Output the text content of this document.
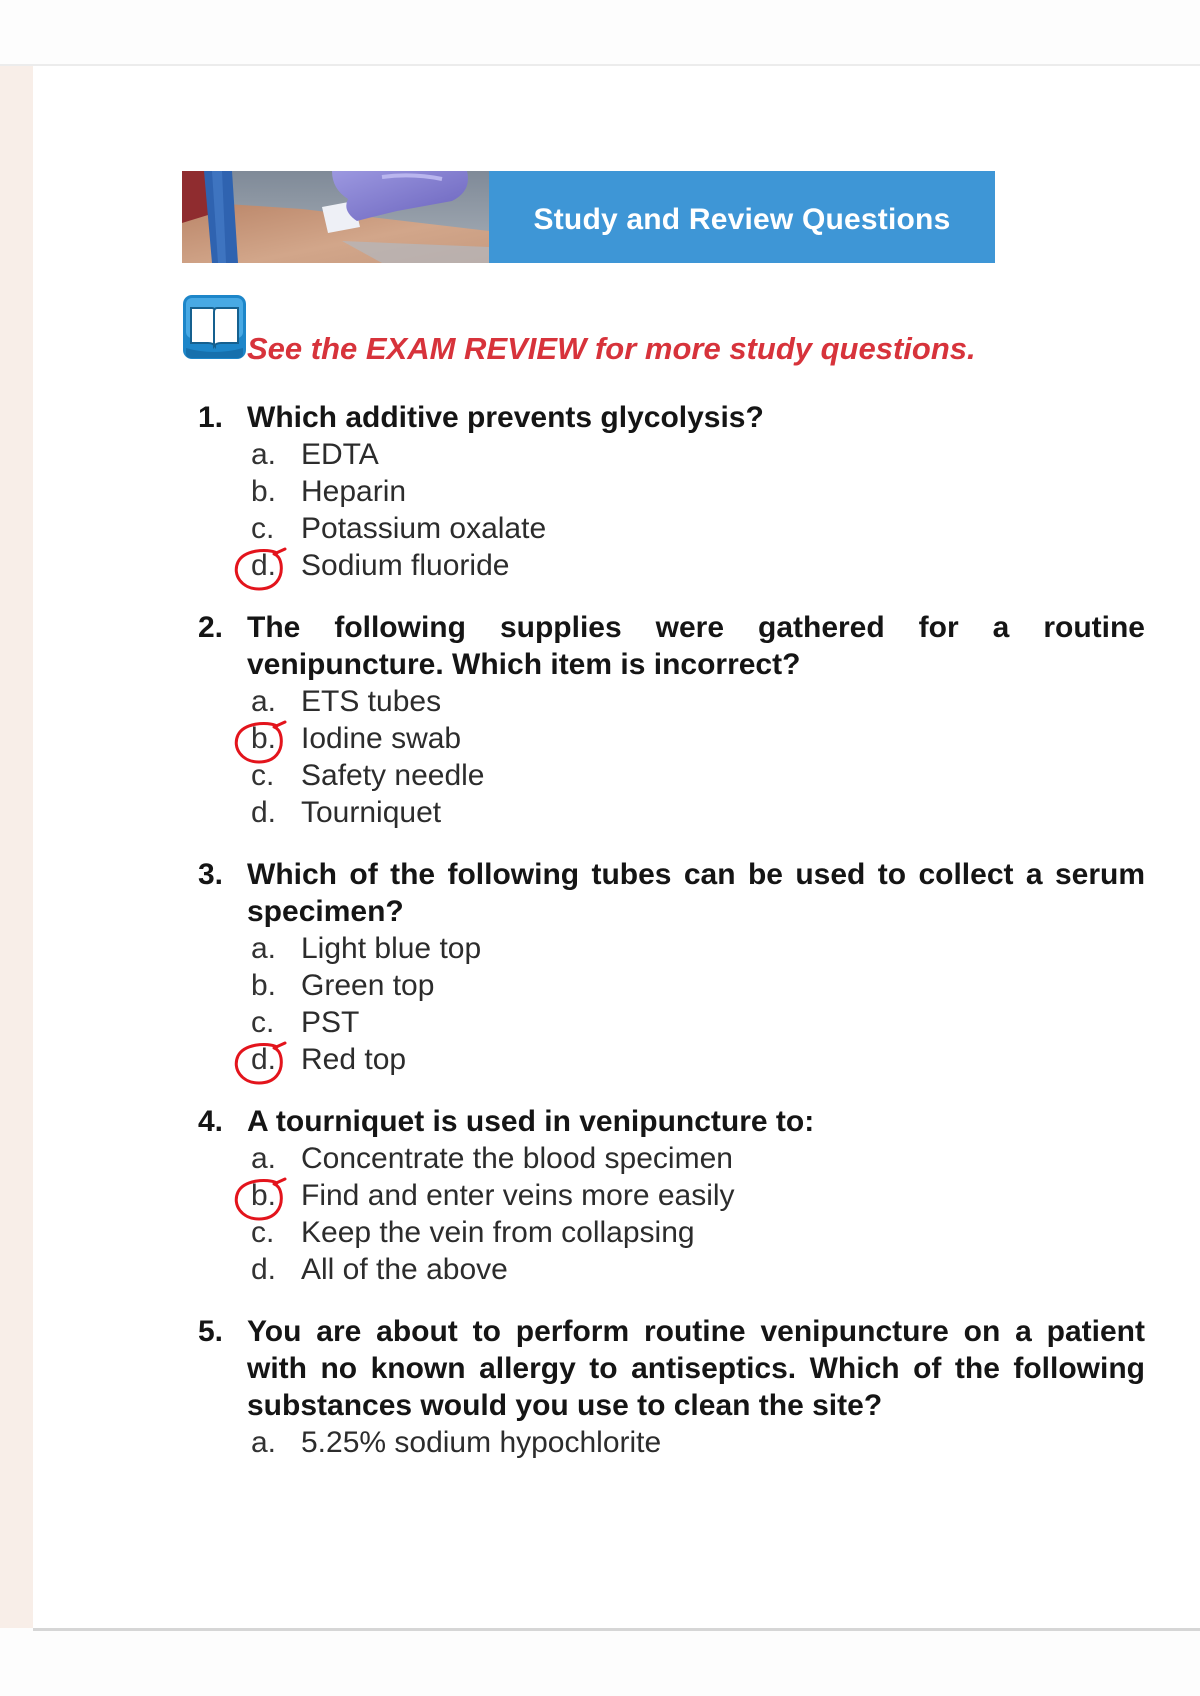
Study and Review Questions
See the EXAM REVIEW for more study questions.
1. Which additive prevents glycolysis?
a. EDTA
b. Heparin
c. Potassium oxalate
d. Sodium fluoride
2. The following supplies were gathered for a routine venipuncture. Which item is incorrect?
a. ETS tubes
b. Iodine swab
c. Safety needle
d. Tourniquet
3. Which of the following tubes can be used to collect a serum specimen?
a. Light blue top
b. Green top
c. PST
d. Red top
4. A tourniquet is used in venipuncture to:
a. Concentrate the blood specimen
b. Find and enter veins more easily
c. Keep the vein from collapsing
d. All of the above
5. You are about to perform routine venipuncture on a patient with no known allergy to antiseptics. Which of the following substances would you use to clean the site?
a. 5.25% sodium hypochlorite
